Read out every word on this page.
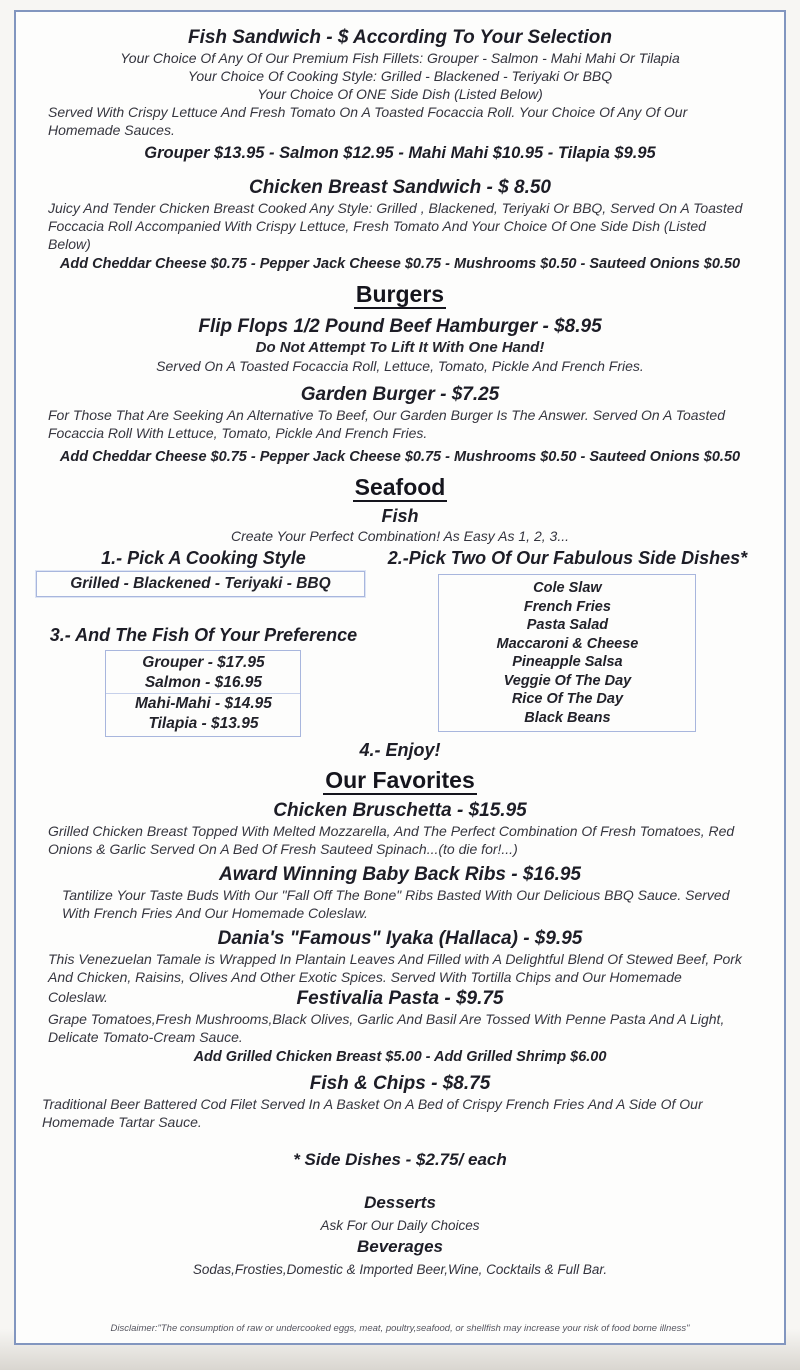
Fish Sandwich - $ According To Your Selection
Your Choice Of Any Of Our Premium Fish Fillets: Grouper - Salmon - Mahi Mahi Or Tilapia
Your Choice Of Cooking Style: Grilled - Blackened - Teriyaki Or BBQ
Your Choice Of ONE Side Dish (Listed Below)
Served With Crispy Lettuce And Fresh Tomato On A Toasted Focaccia Roll. Your Choice Of Any Of Our Homemade Sauces.
Grouper $13.95 - Salmon $12.95 - Mahi Mahi $10.95 - Tilapia $9.95
Chicken Breast Sandwich - $ 8.50
Juicy And Tender Chicken Breast Cooked Any Style: Grilled , Blackened, Teriyaki Or BBQ, Served On A Toasted Foccacia Roll Accompanied With Crispy Lettuce, Fresh Tomato And Your Choice Of One Side Dish (Listed Below)
Add Cheddar Cheese $0.75 - Pepper Jack Cheese $0.75 - Mushrooms $0.50 - Sauteed Onions $0.50
Burgers
Flip Flops 1/2 Pound Beef Hamburger - $8.95
Do Not Attempt To Lift It With One Hand!
Served On A Toasted Focaccia Roll, Lettuce, Tomato, Pickle And French Fries.
Garden Burger - $7.25
For Those That Are Seeking An Alternative To Beef, Our Garden Burger Is The Answer. Served On A Toasted Focaccia Roll With Lettuce, Tomato, Pickle And French Fries.
Add Cheddar Cheese $0.75 - Pepper Jack Cheese $0.75 - Mushrooms $0.50 - Sauteed Onions $0.50
Seafood
Fish
Create Your Perfect Combination! As Easy As 1, 2, 3...
1.- Pick A Cooking Style
Grilled - Blackened - Teriyaki - BBQ
3.- And The Fish Of Your Preference
Grouper - $17.95
Salmon - $16.95
Mahi-Mahi - $14.95
Tilapia - $13.95
2.-Pick Two Of Our Fabulous Side Dishes*
Cole Slaw
French Fries
Pasta Salad
Maccaroni & Cheese
Pineapple Salsa
Veggie Of The Day
Rice Of The Day
Black Beans
4.- Enjoy!
Our Favorites
Chicken Bruschetta - $15.95
Grilled Chicken Breast Topped With Melted Mozzarella, And The Perfect Combination Of Fresh Tomatoes, Red Onions & Garlic Served On A Bed Of Fresh Sauteed Spinach...(to die for!...)
Award Winning Baby Back Ribs - $16.95
Tantilize Your Taste Buds With Our "Fall Off The Bone" Ribs Basted With Our Delicious BBQ Sauce. Served With French Fries And Our Homemade Coleslaw.
Dania's "Famous" Iyaka (Hallaca) - $9.95
This Venezuelan Tamale is Wrapped In Plantain Leaves And Filled with A Delightful Blend Of Stewed Beef, Pork And Chicken, Raisins, Olives And Other Exotic Spices. Served With Tortilla Chips and Our Homemade
Coleslaw.	Festivalia Pasta - $9.75
Grape Tomatoes,Fresh Mushrooms,Black Olives, Garlic And Basil Are Tossed With Penne Pasta And A Light, Delicate Tomato-Cream Sauce.
Add Grilled Chicken Breast $5.00 - Add Grilled Shrimp $6.00
Fish & Chips - $8.75
Traditional Beer Battered Cod Filet Served In A Basket On A Bed of Crispy French Fries And A Side Of Our Homemade Tartar Sauce.
* Side Dishes - $2.75/ each
Desserts
Ask For Our Daily Choices
Beverages
Sodas,Frosties,Domestic & Imported Beer,Wine, Cocktails & Full Bar.
Disclaimer:"The consumption of raw or undercooked eggs, meat, poultry,seafood, or shellfish may increase your risk of food borne illness"
